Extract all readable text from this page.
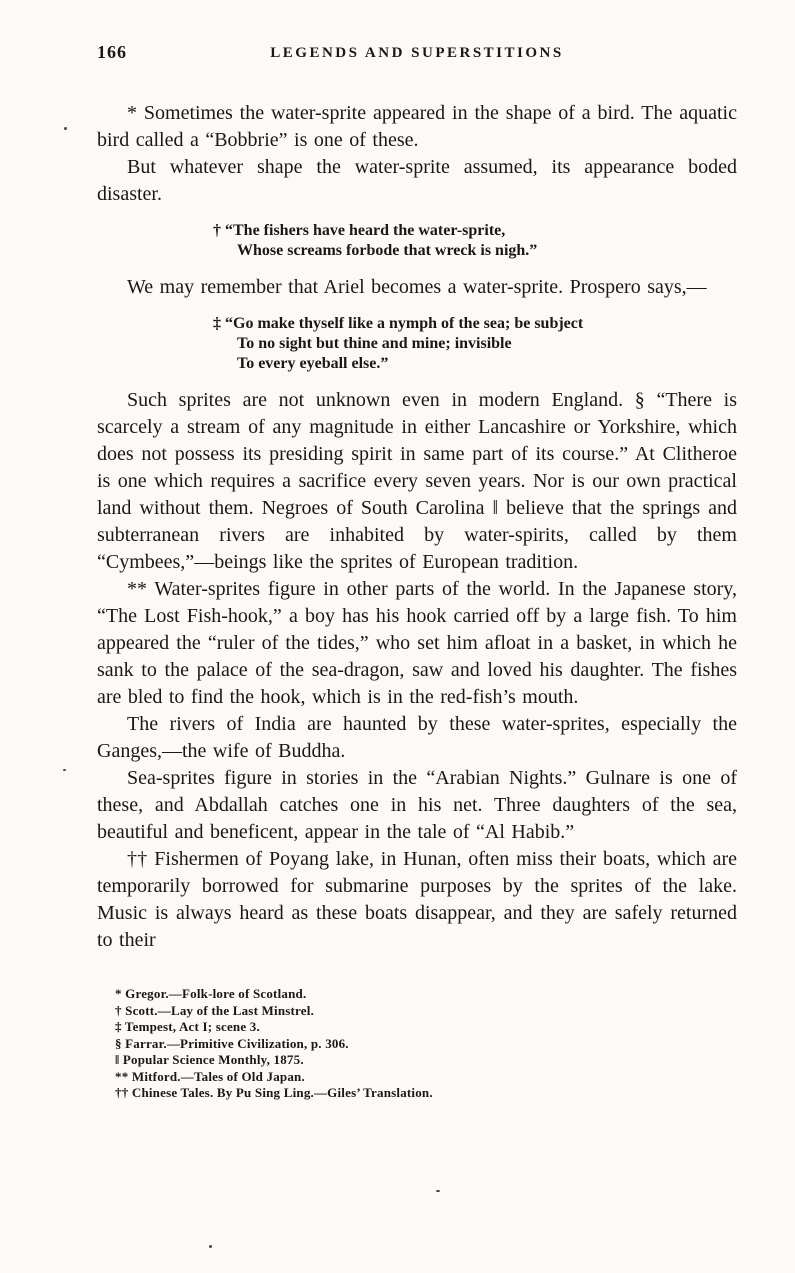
166	LEGENDS AND SUPERSTITIONS

* Sometimes the water-sprite appeared in the shape of a bird. The aquatic bird called a “Bobbrie” is one of these.

But whatever shape the water-sprite assumed, its appearance boded disaster.

† “The fishers have heard the water-sprite,
Whose screams forbode that wreck is nigh.”

We may remember that Ariel becomes a water-sprite. Prospero says,—

‡ “Go make thyself like a nymph of the sea; be subject
To no sight but thine and mine; invisible
To every eyeball else.”

Such sprites are not unknown even in modern England. § “There is scarcely a stream of any magnitude in either Lancashire or Yorkshire, which does not possess its presiding spirit in same part of its course.” At Clitheroe is one which requires a sacrifice every seven years. Nor is our own practical land without them. Negroes of South Carolina ‖ believe that the springs and subterranean rivers are inhabited by water-spirits, called by them “Cymbees,”—beings like the sprites of European tradition.

** Water-sprites figure in other parts of the world. In the Japanese story, “The Lost Fish-hook,” a boy has his hook carried off by a large fish. To him appeared the “ruler of the tides,” who set him afloat in a basket, in which he sank to the palace of the sea-dragon, saw and loved his daughter. The fishes are bled to find the hook, which is in the red-fish’s mouth.

The rivers of India are haunted by these water-sprites, especially the Ganges,—the wife of Buddha.

Sea-sprites figure in stories in the “Arabian Nights.” Gulnare is one of these, and Abdallah catches one in his net. Three daughters of the sea, beautiful and beneficent, appear in the tale of “Al Habib.”

†† Fishermen of Poyang lake, in Hunan, often miss their boats, which are temporarily borrowed for submarine purposes by the sprites of the lake. Music is always heard as these boats disappear, and they are safely returned to their

* Gregor.—Folk-lore of Scotland.
† Scott.—Lay of the Last Minstrel.
‡ Tempest, Act I; scene 3.
§ Farrar.—Primitive Civilization, p. 306.
‖ Popular Science Monthly, 1875.
** Mitford.—Tales of Old Japan.
†† Chinese Tales. By Pu Sing Ling.—Giles’ Translation.
